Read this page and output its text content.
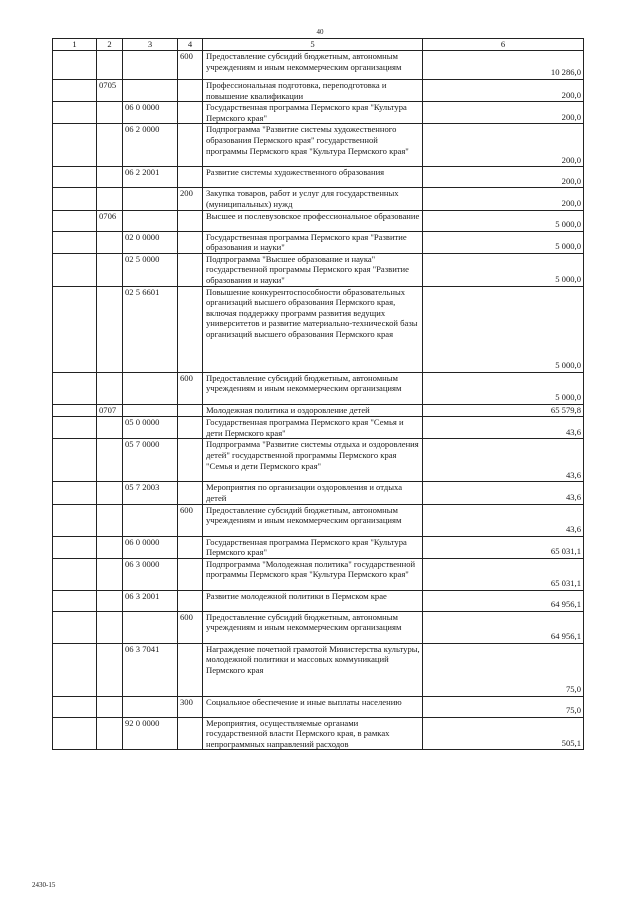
40
1	2	3	4	5	6
			600	Предоставление субсидий бюджетным, автономным учреждениям и иным некоммерческим организациям	10 286,0
	0705			Профессиональная подготовка, переподготовка и повышение квалификации	200,0
		06 0 0000		Государственная программа Пермского края "Культура Пермского края"	200,0
		06 2 0000		Подпрограмма "Развитие системы художественного образования Пермского края" государственной программы Пермского края "Культура Пермского края"	200,0
		06 2 2001		Развитие системы художественного образования	200,0
			200	Закупка товаров, работ и услуг для государственных (муниципальных) нужд	200,0
	0706			Высшее и послевузовское профессиональное образование	5 000,0
		02 0 0000		Государственная программа Пермского края "Развитие образования и науки"	5 000,0
		02 5 0000		Подпрограмма "Высшее образование и наука" государственной программы Пермского края "Развитие образования и науки"	5 000,0
		02 5 6601		Повышение конкурентоспособности образовательных организаций высшего образования Пермского края, включая поддержку программ развития ведущих университетов и развитие материально-технической базы организаций высшего образования Пермского края	5 000,0
			600	Предоставление субсидий бюджетным, автономным учреждениям и иным некоммерческим организациям	5 000,0
	0707			Молодежная политика и оздоровление детей	65 579,8
		05 0 0000		Государственная программа Пермского края "Семья и дети Пермского края"	43,6
		05 7 0000		Подпрограмма "Развитие системы отдыха и оздоровления детей" государственной программы Пермского края "Семья и дети Пермского края"	43,6
		05 7 2003		Мероприятия по организации оздоровления и отдыха детей	43,6
			600	Предоставление субсидий бюджетным, автономным учреждениям и иным некоммерческим организациям	43,6
		06 0 0000		Государственная программа Пермского края "Культура Пермского края"	65 031,1
		06 3 0000		Подпрограмма "Молодежная политика" государственной программы Пермского края "Культура Пермского края"	65 031,1
		06 3 2001		Развитие молодежной политики в Пермском крае	64 956,1
			600	Предоставление субсидий бюджетным, автономным учреждениям и иным некоммерческим организациям	64 956,1
		06 3 7041		Награждение почетной грамотой Министерства культуры, молодежной политики и массовых коммуникаций Пермского края	75,0
			300	Социальное обеспечение и иные выплаты населению	75,0
		92 0 0000		Мероприятия, осуществляемые органами государственной власти Пермского края, в рамках непрограммных направлений расходов	505,1
2430-15
